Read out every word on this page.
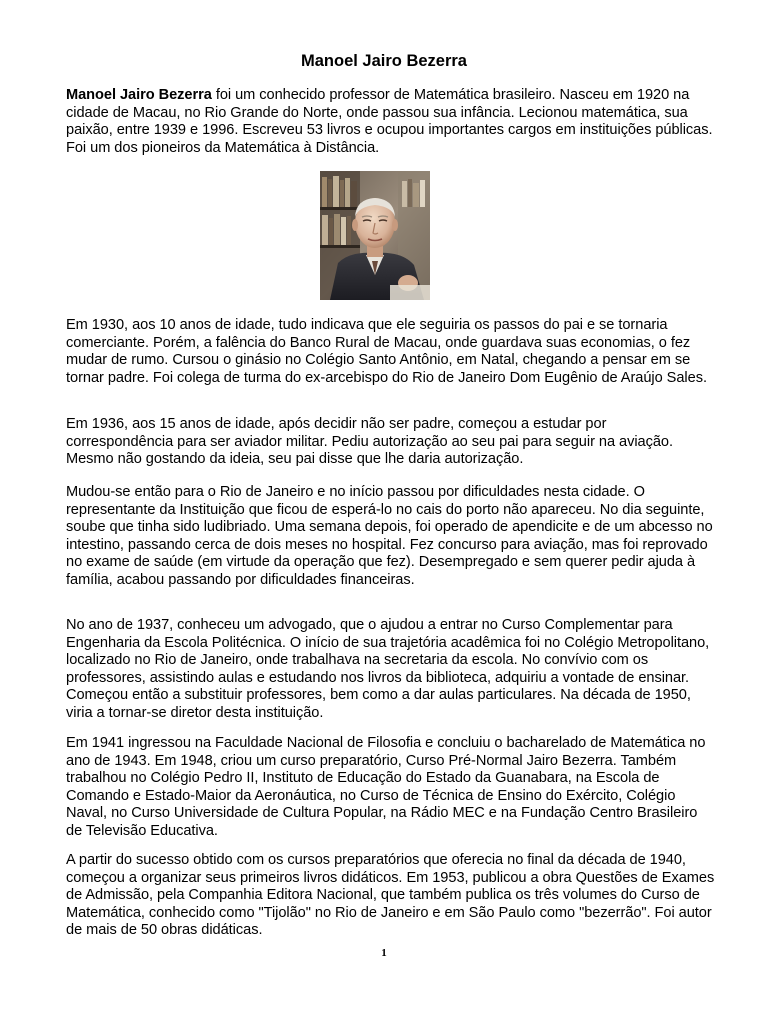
Manoel Jairo Bezerra

Manoel Jairo Bezerra foi um conhecido professor de Matemática brasileiro. Nasceu em 1920 na cidade de Macau, no Rio Grande do Norte, onde passou sua infância. Lecionou matemática, sua paixão, entre 1939 e 1996. Escreveu 53 livros e ocupou importantes cargos em instituições públicas. Foi um dos pioneiros da Matemática à Distância.

Em 1930, aos 10 anos de idade, tudo indicava que ele seguiria os passos do pai e se tornaria comerciante. Porém, a falência do Banco Rural de Macau, onde guardava suas economias, o fez mudar de rumo. Cursou o ginásio no Colégio Santo Antônio, em Natal, chegando a pensar em se tornar padre. Foi colega de turma do ex-arcebispo do Rio de Janeiro Dom Eugênio de Araújo Sales.

Em 1936, aos 15 anos de idade, após decidir não ser padre, começou a estudar por correspondência para ser aviador militar. Pediu autorização ao seu pai para seguir na aviação. Mesmo não gostando da ideia, seu pai disse que lhe daria autorização.

Mudou-se então para o Rio de Janeiro e no início passou por dificuldades nesta cidade. O representante da Instituição que ficou de esperá-lo no cais do porto não apareceu. No dia seguinte, soube que tinha sido ludibriado. Uma semana depois, foi operado de apendicite e de um abcesso no intestino, passando cerca de dois meses no hospital. Fez concurso para aviação, mas foi reprovado no exame de saúde (em virtude da operação que fez). Desempregado e sem querer pedir ajuda à família, acabou passando por dificuldades financeiras.

No ano de 1937, conheceu um advogado, que o ajudou a entrar no Curso Complementar para Engenharia da Escola Politécnica. O início de sua trajetória acadêmica foi no Colégio Metropolitano, localizado no Rio de Janeiro, onde trabalhava na secretaria da escola. No convívio com os professores, assistindo aulas e estudando nos livros da biblioteca, adquiriu a vontade de ensinar. Começou então a substituir professores, bem como a dar aulas particulares. Na década de 1950, viria a tornar-se diretor desta instituição.

Em 1941 ingressou na Faculdade Nacional de Filosofia e concluiu o bacharelado de Matemática no ano de 1943. Em 1948, criou um curso preparatório, Curso Pré-Normal Jairo Bezerra. Também trabalhou no Colégio Pedro II, Instituto de Educação do Estado da Guanabara, na Escola de Comando e Estado-Maior da Aeronáutica, no Curso de Técnica de Ensino do Exército, Colégio Naval, no Curso Universidade de Cultura Popular, na Rádio MEC e na Fundação Centro Brasileiro de Televisão Educativa.

A partir do sucesso obtido com os cursos preparatórios que oferecia no final da década de 1940, começou a organizar seus primeiros livros didáticos. Em 1953, publicou a obra Questões de Exames de Admissão, pela Companhia Editora Nacional, que também publica os três volumes do Curso de Matemática, conhecido como "Tijolão" no Rio de Janeiro e em São Paulo como "bezerrão". Foi autor de mais de 50 obras didáticas.

1
